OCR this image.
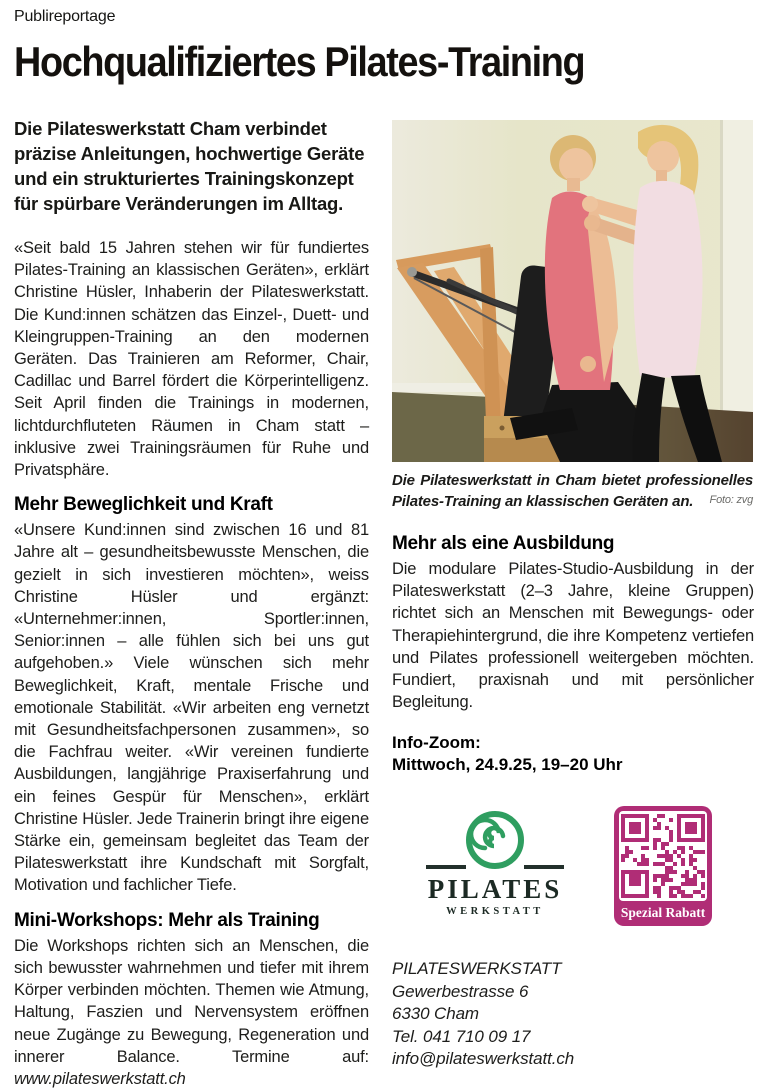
Publireportage
Hochqualifiziertes Pilates-Training

Die Pilateswerkstatt Cham verbindet präzise Anleitungen, hochwertige Geräte und ein strukturiertes Trainingskonzept für spürbare Veränderungen im Alltag.

«Seit bald 15 Jahren stehen wir für fundiertes Pilates-Training an klassischen Geräten», erklärt Christine Hüsler, Inhaberin der Pilateswerkstatt. Die Kund:innen schätzen das Einzel-, Duett- und Kleingruppen-Training an den modernen Geräten. Das Trainieren am Reformer, Chair, Cadillac und Barrel fördert die Körperintelligenz. Seit April finden die Trainings in modernen, lichtdurchfluteten Räumen in Cham statt – inklusive zwei Trainingsräumen für Ruhe und Privatsphäre.

Mehr Beweglichkeit und Kraft

«Unsere Kund:innen sind zwischen 16 und 81 Jahre alt – gesundheitsbewusste Menschen, die gezielt in sich investieren möchten», weiss Christine Hüsler und ergänzt: «Unternehmer:innen, Sportler:innen, Senior:innen – alle fühlen sich bei uns gut aufgehoben.» Viele wünschen sich mehr Beweglichkeit, Kraft, mentale Frische und emotionale Stabilität. «Wir arbeiten eng vernetzt mit Gesundheitsfachpersonen zusammen», so die Fachfrau weiter. «Wir vereinen fundierte Ausbildungen, langjährige Praxiserfahrung und ein feines Gespür für Menschen», erklärt Christine Hüsler. Jede Trainerin bringt ihre eigene Stärke ein, gemeinsam begleitet das Team der Pilateswerkstatt ihre Kundschaft mit Sorgfalt, Motivation und fachlicher Tiefe.

Mini-Workshops: Mehr als Training

Die Workshops richten sich an Menschen, die sich bewusster wahrnehmen und tiefer mit ihrem Körper verbinden möchten. Themen wie Atmung, Haltung, Faszien und Nervensystem eröffnen neue Zugänge zu Bewegung, Regeneration und innerer Balance. Termine auf: www.pilateswerkstatt.ch

Die Pilateswerkstatt in Cham bietet professionelles Pilates-Training an klassischen Geräten an. Foto: zvg
Mehr als eine Ausbildung

Die modulare Pilates-Studio-Ausbildung in der Pilateswerkstatt (2–3 Jahre, kleine Gruppen) richtet sich an Menschen mit Bewegungs- oder Therapiehintergrund, die ihre Kompetenz vertiefen und Pilates professionell weitergeben möchten. Fundiert, praxisnah und mit persönlicher Begleitung.

Info-Zoom:
Mittwoch, 24.9.25, 19–20 Uhr
PILATES
WERKSTATT	Spezial Rabatt
PILATESWERKSTATT
Gewerbestrasse 6
6330 Cham
Tel. 041 710 09 17
info@pilateswerkstatt.ch
